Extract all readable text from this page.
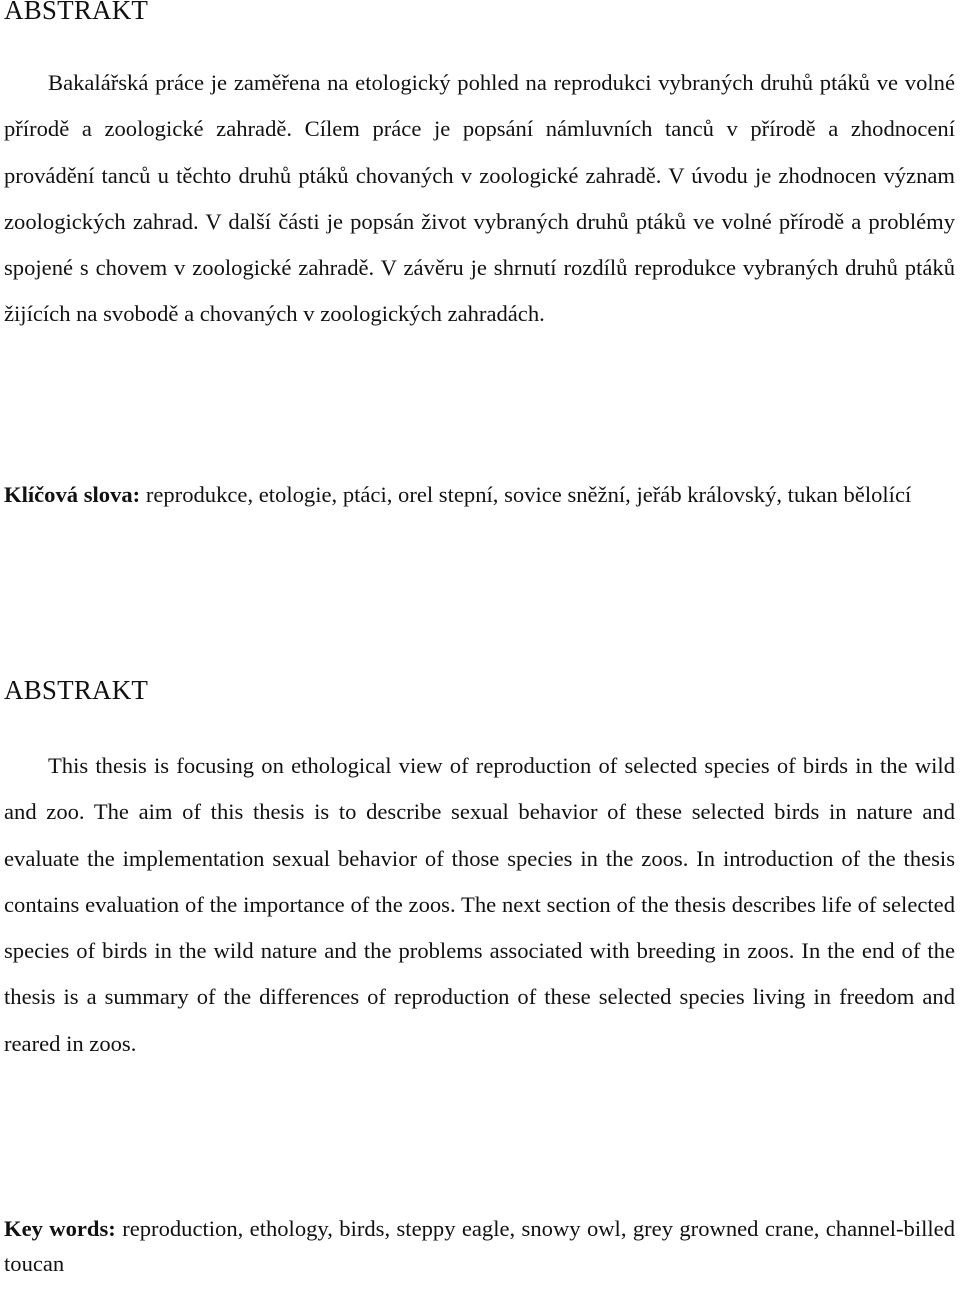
ABSTRAKT

Bakalářská práce je zaměřena na etologický pohled na reprodukci vybraných druhů ptáků ve volné přírodě a zoologické zahradě. Cílem práce je popsání námluvních tanců v přírodě a zhodnocení provádění tanců u těchto druhů ptáků chovaných v zoologické zahradě. V úvodu je zhodnocen význam zoologických zahrad. V další části je popsán život vybraných druhů ptáků ve volné přírodě a problémy spojené s chovem v zoologické zahradě. V závěru je shrnutí rozdílů reprodukce vybraných druhů ptáků žijících na svobodě a chovaných v zoologických zahradách.

Klíčová slova: reprodukce, etologie, ptáci, orel stepní, sovice sněžní, jeřáb královský, tukan bělolící

ABSTRAKT

This thesis is focusing on ethological view of reproduction of selected species of birds in the wild and zoo. The aim of this thesis is to describe sexual behavior of these selected birds in nature and evaluate the implementation sexual behavior of those species in the zoos. In introduction of the thesis contains evaluation of the importance of the zoos. The next section of the thesis describes life of selected species of birds in the wild nature and the problems associated with breeding in zoos. In the end of the thesis is a summary of the differences of reproduction of these selected species living in freedom and reared in zoos.

Key words: reproduction, ethology, birds, steppy eagle, snowy owl, grey growned crane, channel-billed toucan
